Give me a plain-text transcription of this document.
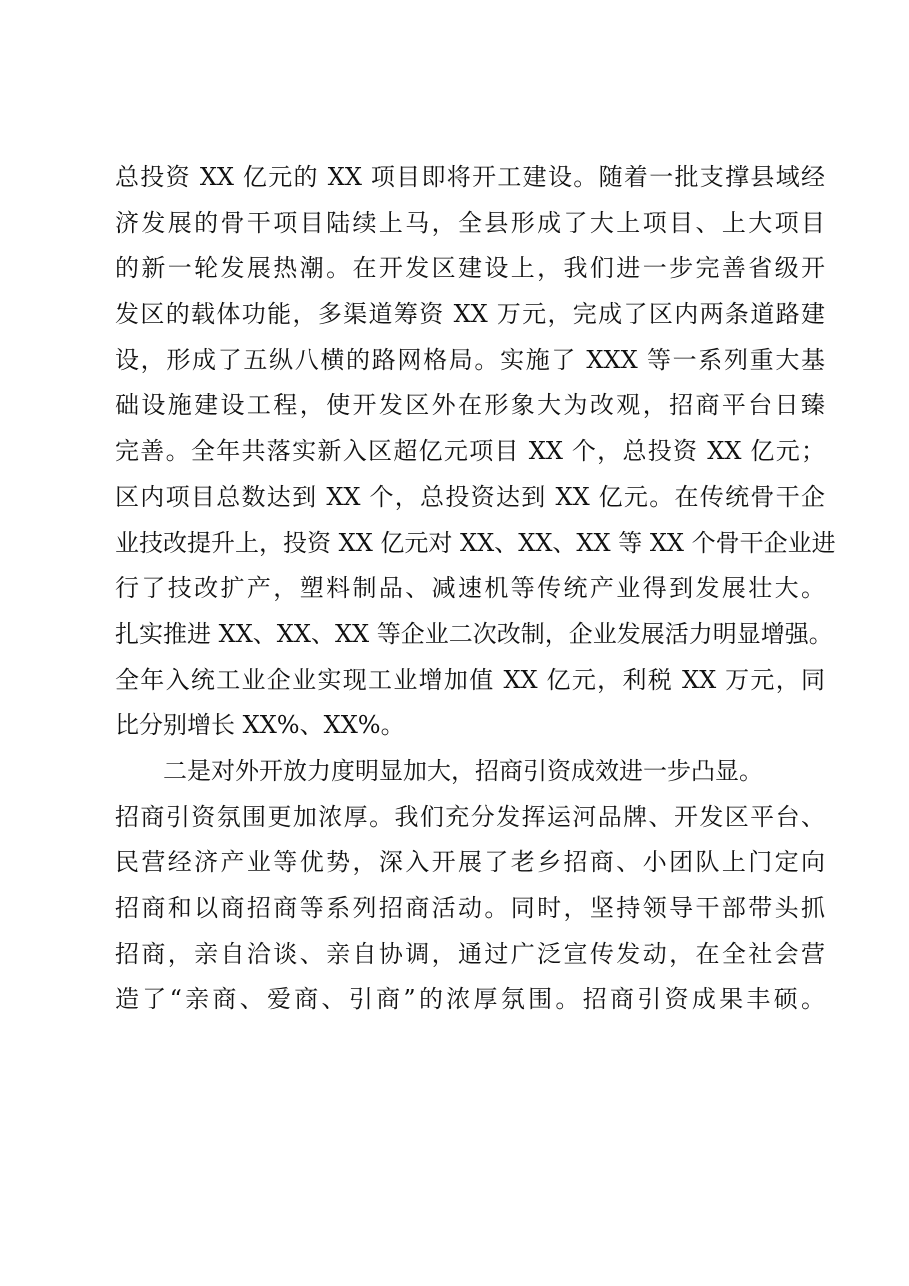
总投资 XX 亿元的 XX 项目即将开工建设。随着一批支撑县域经
济发展的骨干项目陆续上马，全县形成了大上项目、上大项目
的新一轮发展热潮。在开发区建设上，我们进一步完善省级开
发区的载体功能，多渠道筹资 XX 万元，完成了区内两条道路建
设，形成了五纵八横的路网格局。实施了 XXX 等一系列重大基
础设施建设工程，使开发区外在形象大为改观，招商平台日臻
完善。全年共落实新入区超亿元项目 XX 个，总投资 XX 亿元；
区内项目总数达到 XX 个，总投资达到 XX 亿元。在传统骨干企
业技改提升上，投资 XX 亿元对 XX、XX、XX 等 XX 个骨干企业进
行了技改扩产，塑料制品、减速机等传统产业得到发展壮大。
扎实推进 XX、XX、XX 等企业二次改制，企业发展活力明显增强。
全年入统工业企业实现工业增加值 XX 亿元，利税 XX 万元，同
比分别增长 XX%、XX%。
二是对外开放力度明显加大，招商引资成效进一步凸显。
招商引资氛围更加浓厚。我们充分发挥运河品牌、开发区平台、
民营经济产业等优势，深入开展了老乡招商、小团队上门定向
招商和以商招商等系列招商活动。同时，坚持领导干部带头抓
招商，亲自洽谈、亲自协调，通过广泛宣传发动，在全社会营
造了“亲商、爱商、引商”的浓厚氛围。招商引资成果丰硕。
